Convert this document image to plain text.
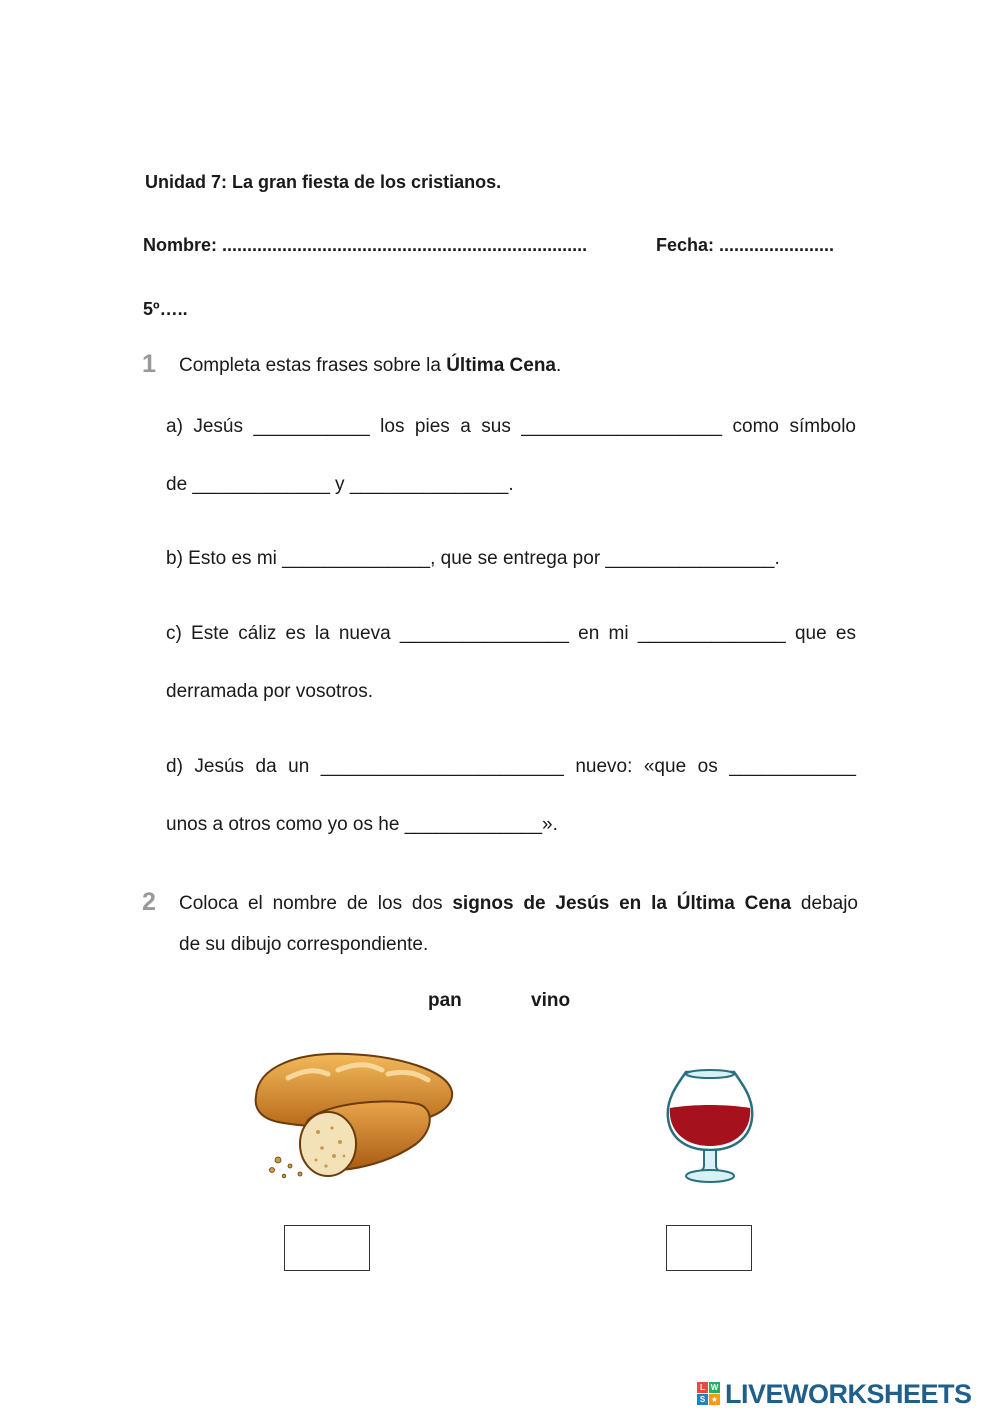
Unidad 7: La gran fiesta de los cristianos.
Nombre: .........................................................................	Fecha: .......................
5º…..
1 Completa estas frases sobre la Última Cena.
a) Jesús ___________ los pies a sus ___________________ como símbolo
de _____________ y _______________.
b) Esto es mi ______________, que se entrega por ________________.
c) Este cáliz es la nueva ________________ en mi ______________ que es
derramada por vosotros.
d) Jesús da un _______________________ nuevo: «que os ____________
unos a otros como yo os he _____________».
2 Coloca el nombre de los dos signos de Jesús en la Última Cena debajo
de su dibujo correspondiente.
pan	vino
L W
S ★ LIVEWORKSHEETS
